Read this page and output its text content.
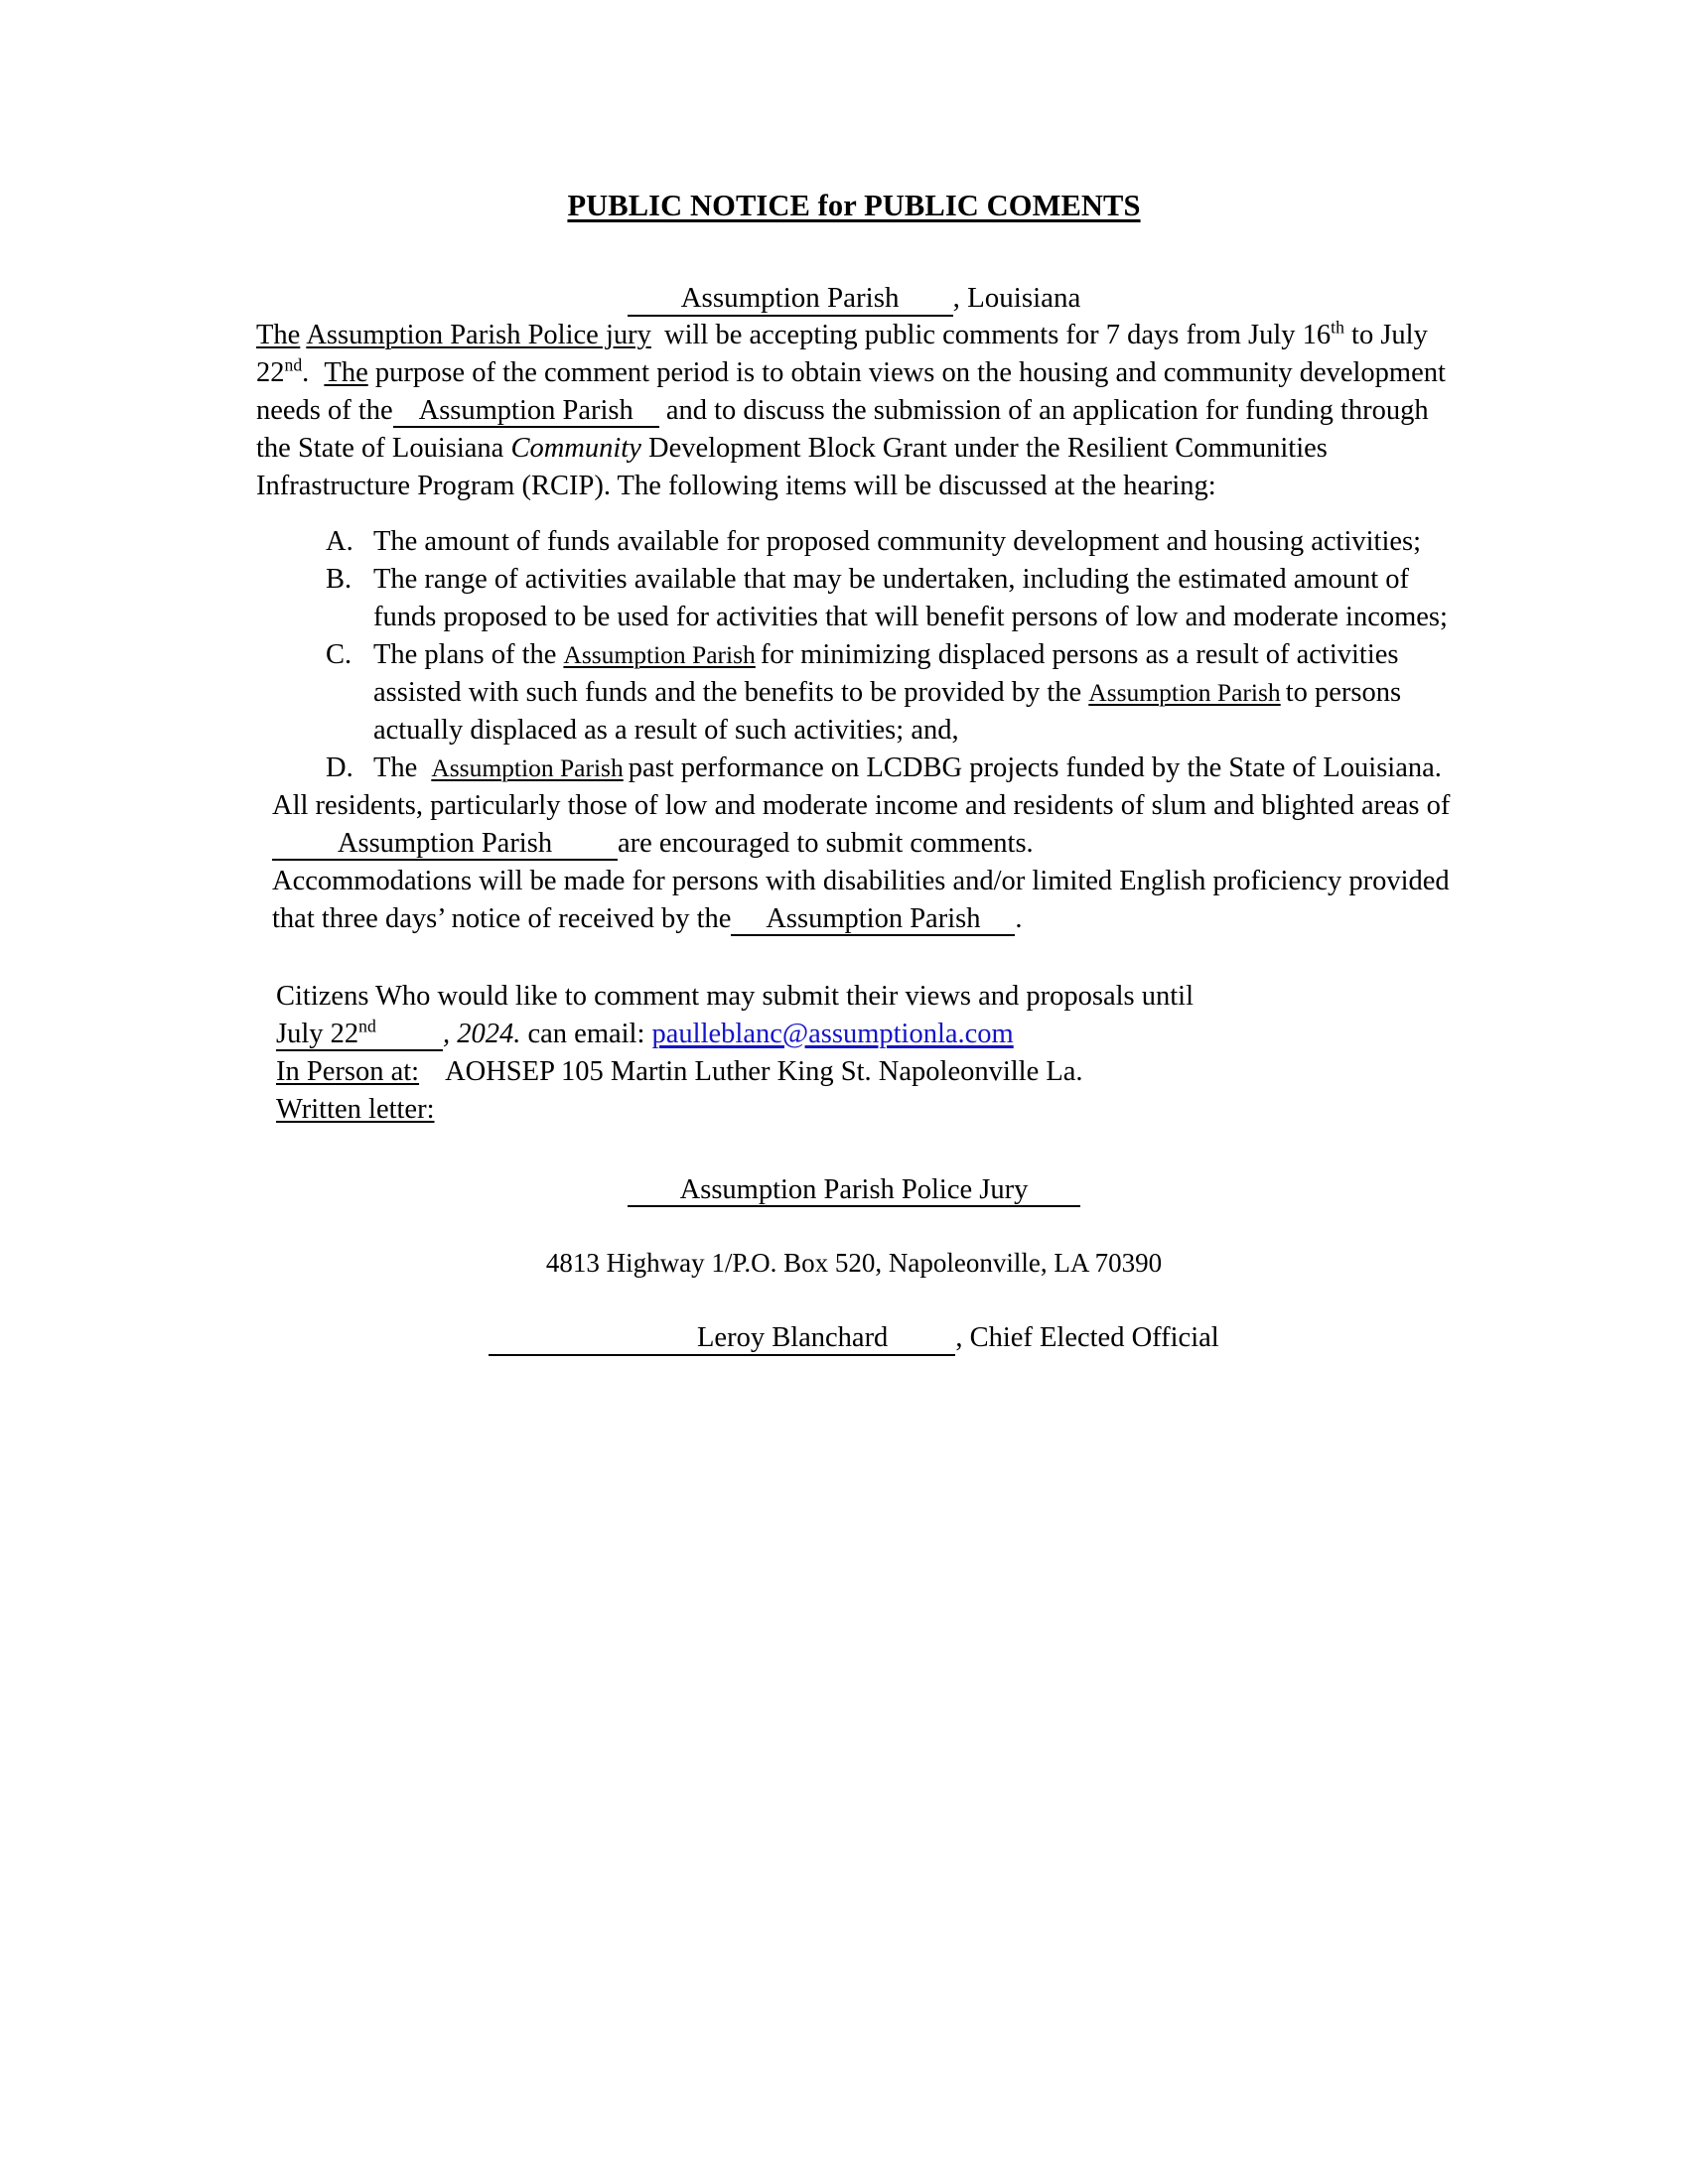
PUBLIC NOTICE for PUBLIC COMENTS
Assumption Parish , Louisiana

The Assumption Parish Police jury will be accepting public comments for 7 days from July 16th to July 22nd. The purpose of the comment period is to obtain views on the housing and community development needs of the Assumption Parish and to discuss the submission of an application for funding through the State of Louisiana Community Development Block Grant under the Resilient Communities Infrastructure Program (RCIP). The following items will be discussed at the hearing:

A. The amount of funds available for proposed community development and housing activities;
B. The range of activities available that may be undertaken, including the estimated amount of funds proposed to be used for activities that will benefit persons of low and moderate incomes;
C. The plans of the Assumption Parish for minimizing displaced persons as a result of activities assisted with such funds and the benefits to be provided by the Assumption Parish to persons actually displaced as a result of such activities; and,
D. The Assumption Parish past performance on LCDBG projects funded by the State of Louisiana.

All residents, particularly those of low and moderate income and residents of slum and blighted areas of Assumption Parish are encouraged to submit comments.

Accommodations will be made for persons with disabilities and/or limited English proficiency provided that three days’ notice of received by the Assumption Parish .

Citizens Who would like to comment may submit their views and proposals until
July 22nd , 2024. can email: paulleblanc@assumptionla.com
In Person at: AOHSEP 105 Martin Luther King St. Napoleonville La.
Written letter:
Assumption Parish Police Jury
4813 Highway 1/P.O. Box 520, Napoleonville, LA 70390
Leroy Blanchard , Chief Elected Official
